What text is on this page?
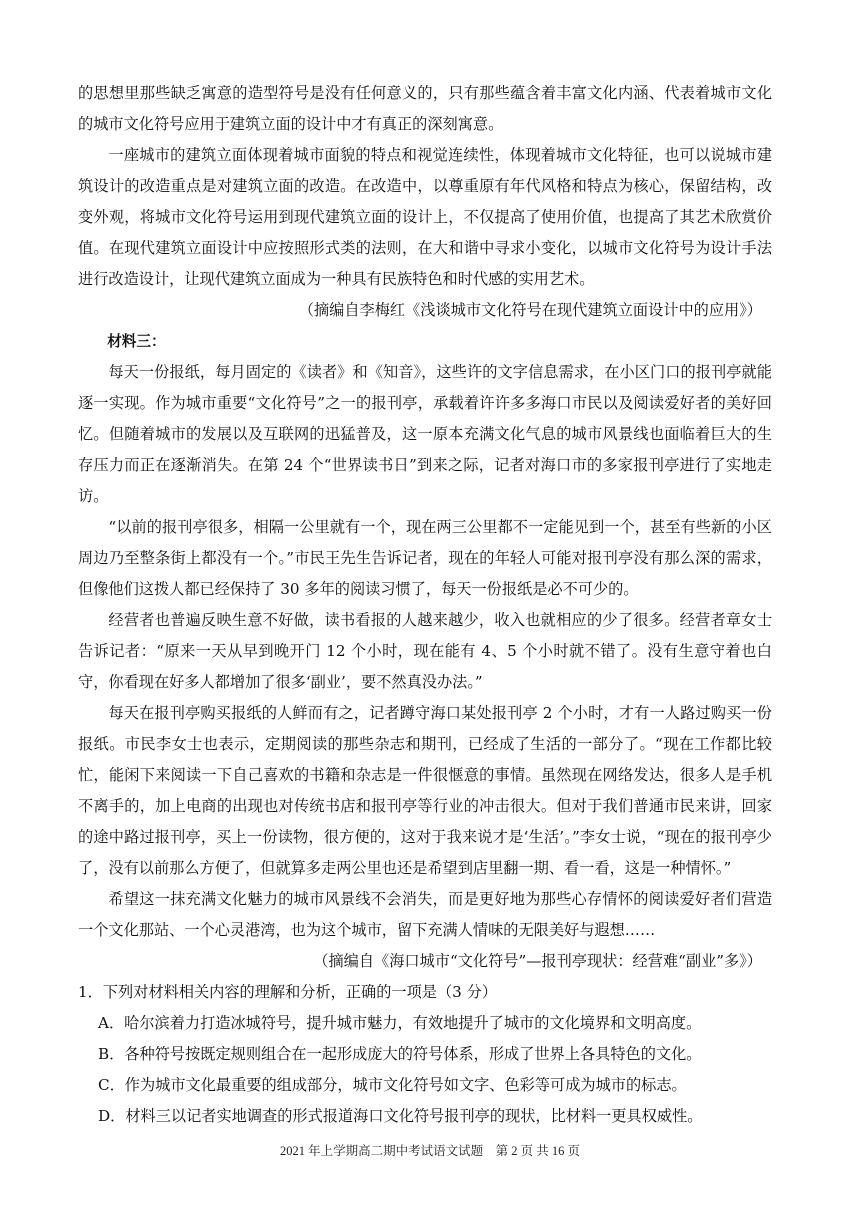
的思想里那些缺乏寓意的造型符号是没有任何意义的，只有那些蕴含着丰富文化内涵、代表着城市文化的城市文化符号应用于建筑立面的设计中才有真正的深刻寓意。

一座城市的建筑立面体现着城市面貌的特点和视觉连续性，体现着城市文化特征，也可以说城市建筑设计的改造重点是对建筑立面的改造。在改造中，以尊重原有年代风格和特点为核心，保留结构，改变外观，将城市文化符号运用到现代建筑立面的设计上，不仅提高了使用价值，也提高了其艺术欣赏价值。在现代建筑立面设计中应按照形式类的法则，在大和谐中寻求小变化，以城市文化符号为设计手法进行改造设计，让现代建筑立面成为一种具有民族特色和时代感的实用艺术。

（摘编自李梅红《浅谈城市文化符号在现代建筑立面设计中的应用》）

材料三：

每天一份报纸，每月固定的《读者》和《知音》，这些许的文字信息需求，在小区门口的报刊亭就能逐一实现。作为城市重要“文化符号”之一的报刊亭，承载着许许多多海口市民以及阅读爱好者的美好回忆。但随着城市的发展以及互联网的迅猛普及，这一原本充满文化气息的城市风景线也面临着巨大的生存压力而正在逐渐消失。在第 24 个“世界读书日”到来之际，记者对海口市的多家报刊亭进行了实地走访。

“以前的报刊亭很多，相隔一公里就有一个，现在两三公里都不一定能见到一个，甚至有些新的小区周边乃至整条街上都没有一个。”市民王先生告诉记者，现在的年轻人可能对报刊亭没有那么深的需求，但像他们这拨人都已经保持了 30 多年的阅读习惯了，每天一份报纸是必不可少的。

经营者也普遍反映生意不好做，读书看报的人越来越少，收入也就相应的少了很多。经营者章女士告诉记者：“原来一天从早到晚开门 12 个小时，现在能有 4、5 个小时就不错了。没有生意守着也白守，你看现在好多人都增加了很多‘副业’，要不然真没办法。”

每天在报刊亭购买报纸的人鲜而有之，记者蹲守海口某处报刊亭 2 个小时，才有一人路过购买一份报纸。市民李女士也表示，定期阅读的那些杂志和期刊，已经成了生活的一部分了。“现在工作都比较忙，能闲下来阅读一下自己喜欢的书籍和杂志是一件很惬意的事情。虽然现在网络发达，很多人是手机不离手的，加上电商的出现也对传统书店和报刊亭等行业的冲击很大。但对于我们普通市民来讲，回家的途中路过报刊亭，买上一份读物，很方便的，这对于我来说才是‘生活’。”李女士说，“现在的报刊亭少了，没有以前那么方便了，但就算多走两公里也还是希望到店里翻一期、看一看，这是一种情怀。”

希望这一抹充满文化魅力的城市风景线不会消失，而是更好地为那些心存情怀的阅读爱好者们营造一个文化那站、一个心灵港湾，也为这个城市，留下充满人情味的无限美好与遐想……

（摘编自《海口城市“文化符号”—报刊亭现状：经营难“副业”多》）

1．下列对材料相关内容的理解和分析，正确的一项是（3 分）

A．哈尔滨着力打造冰城符号，提升城市魅力，有效地提升了城市的文化境界和文明高度。

B．各种符号按既定规则组合在一起形成庞大的符号体系，形成了世界上各具特色的文化。

C．作为城市文化最重要的组成部分，城市文化符号如文字、色彩等可成为城市的标志。

D．材料三以记者实地调查的形式报道海口文化符号报刊亭的现状，比材料一更具权威性。

2021 年上学期高二期中考试语文试题　第 2 页 共 16 页
